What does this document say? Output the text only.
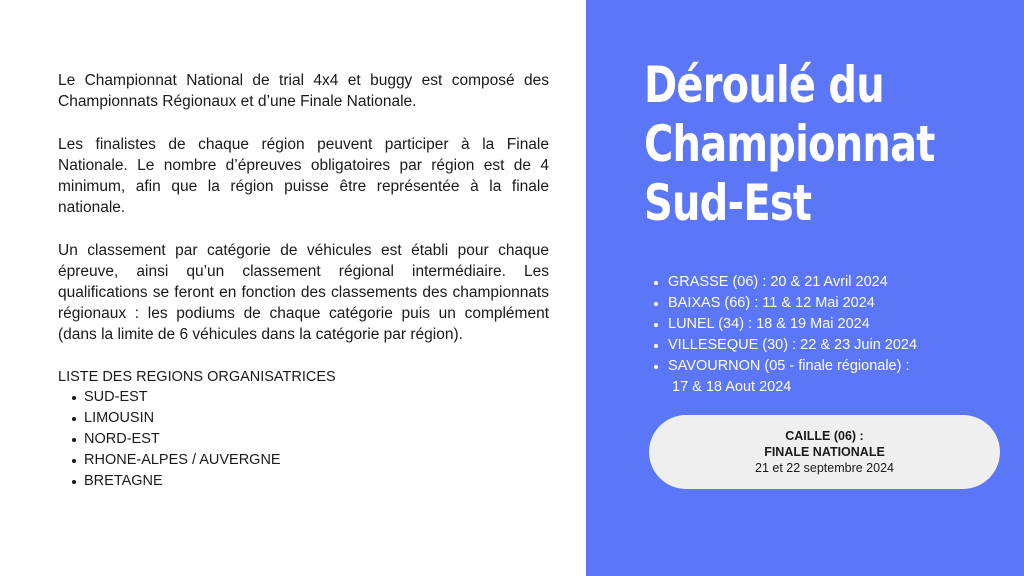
Le Championnat National de trial 4x4 et buggy est composé des Championnats Régionaux et d’une Finale Nationale.

Les finalistes de chaque région peuvent participer à la Finale Nationale. Le nombre d’épreuves obligatoires par région est de 4 minimum, afin que la région puisse être représentée à la finale nationale.

Un classement par catégorie de véhicules est établi pour chaque épreuve, ainsi qu’un classement régional intermédiaire. Les qualifications se feront en fonction des classements des championnats régionaux : les podiums de chaque catégorie puis un complément (dans la limite de 6 véhicules dans la catégorie par région).

LISTE DES REGIONS ORGANISATRICES
SUD-EST
LIMOUSIN
NORD-EST
RHONE-ALPES / AUVERGNE
BRETAGNE
Déroulé du
Championnat
Sud-Est
GRASSE (06) : 20 & 21 Avril 2024
BAIXAS (66) : 11 & 12 Mai 2024
LUNEL (34) : 18 & 19 Mai 2024
VILLESEQUE (30) : 22 & 23 Juin 2024
SAVOURNON (05 - finale régionale) :
17 & 18 Aout 2024
CAILLE (06) :
FINALE NATIONALE
21 et 22 septembre 2024
